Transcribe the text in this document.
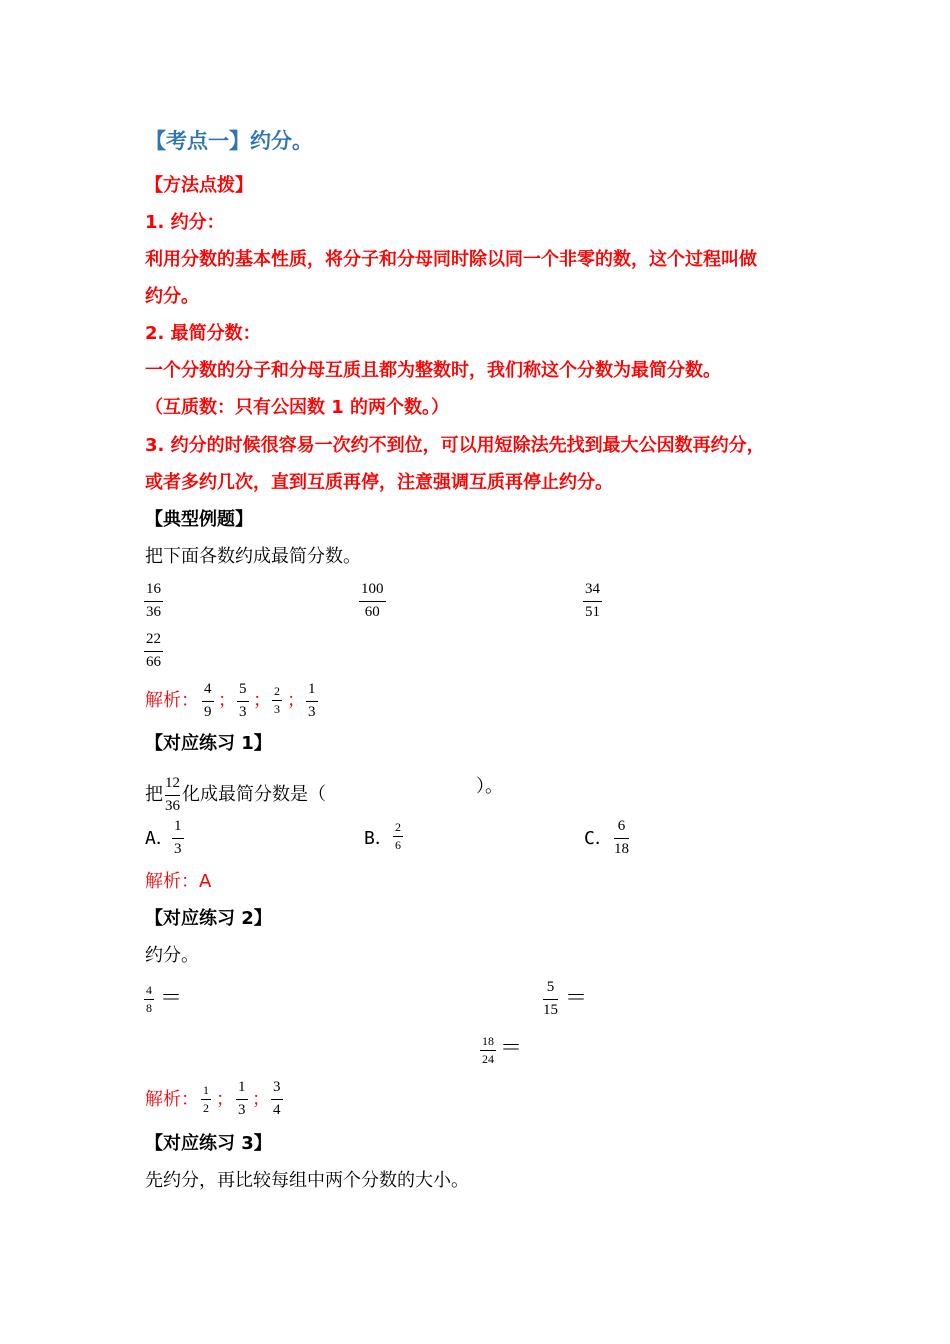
【考点一】约分。
【方法点拨】
1. 约分：
利用分数的基本性质，将分子和分母同时除以同一个非零的数，这个过程叫做
约分。
2. 最简分数：
一个分数的分子和分母互质且都为整数时，我们称这个分数为最简分数。
（互质数：只有公因数 1 的两个数。）
3. 约分的时候很容易一次约不到位，可以用短除法先找到最大公因数再约分，
或者多约几次，直到互质再停，注意强调互质再停止约分。
【典型例题】
把下面各数约成最简分数。
16
36
100
60
34
51
22
66
解析：
4
9
；
5
3
； 2
3 ；
1
3
【对应练习 1】
把 $\frac{12}{36}$ 化成最简分数是（	）。
A．
1
3	B．
2
6	C．
6
18
解析：A
【对应练习 2】
约分。
4
8 ＝	5
15 ＝
18
24 ＝
解析： 1
2 ；
1
3 ；
3
4
【对应练习 3】
先约分，再比较每组中两个分数的大小。
